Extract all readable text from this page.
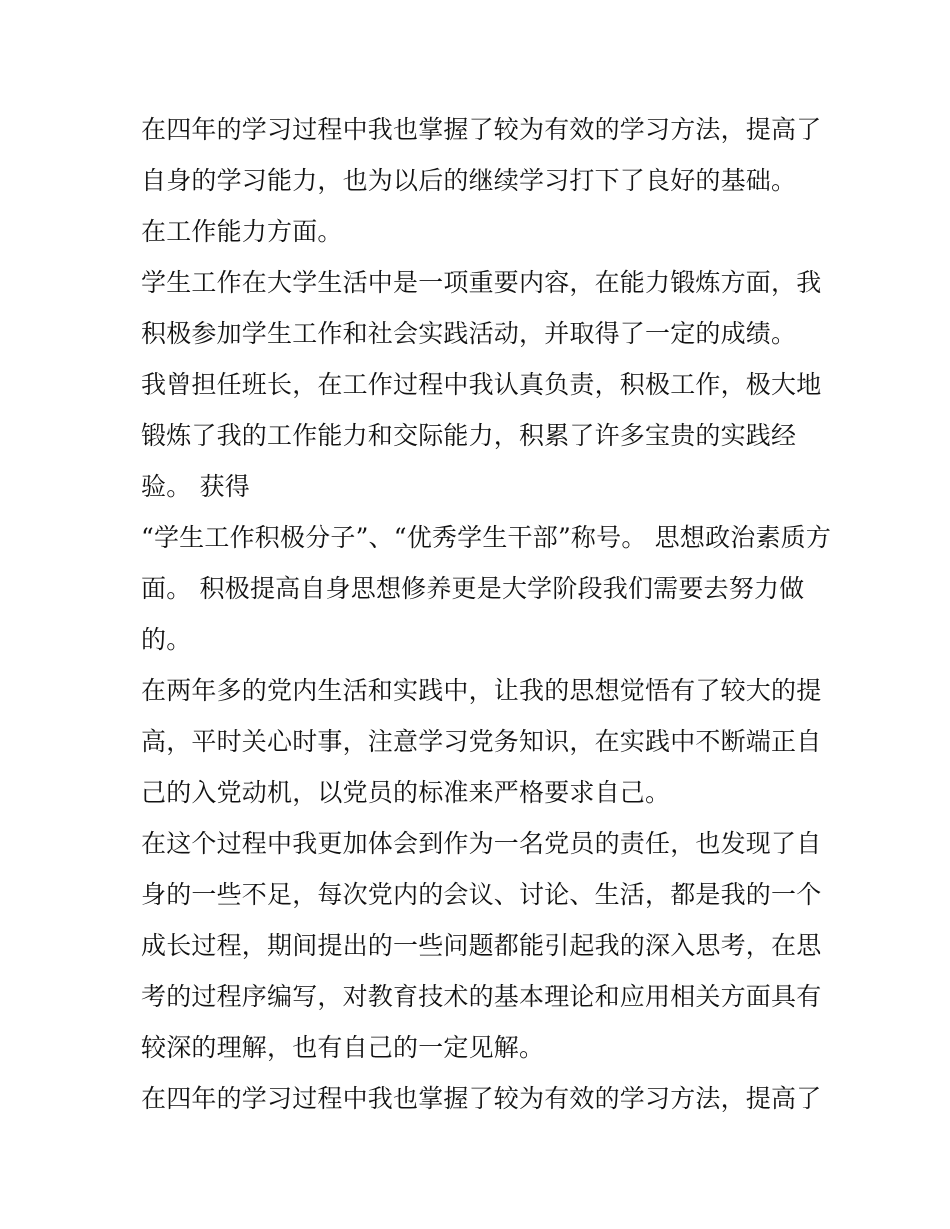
在四年的学习过程中我也掌握了较为有效的学习方法，提高了
自身的学习能力，也为以后的继续学习打下了良好的基础。
在工作能力方面。
学生工作在大学生活中是一项重要内容，在能力锻炼方面，我
积极参加学生工作和社会实践活动，并取得了一定的成绩。
我曾担任班长，在工作过程中我认真负责，积极工作，极大地
锻炼了我的工作能力和交际能力，积累了许多宝贵的实践经
验。 获得
“学生工作积极分子”、“优秀学生干部”称号。 思想政治素质方
面。 积极提高自身思想修养更是大学阶段我们需要去努力做
的。
在两年多的党内生活和实践中，让我的思想觉悟有了较大的提
高，平时关心时事，注意学习党务知识，在实践中不断端正自
己的入党动机，以党员的标准来严格要求自己。
在这个过程中我更加体会到作为一名党员的责任，也发现了自
身的一些不足，每次党内的会议、讨论、生活，都是我的一个
成长过程，期间提出的一些问题都能引起我的深入思考，在思
考的过程序编写，对教育技术的基本理论和应用相关方面具有
较深的理解，也有自己的一定见解。
在四年的学习过程中我也掌握了较为有效的学习方法，提高了
